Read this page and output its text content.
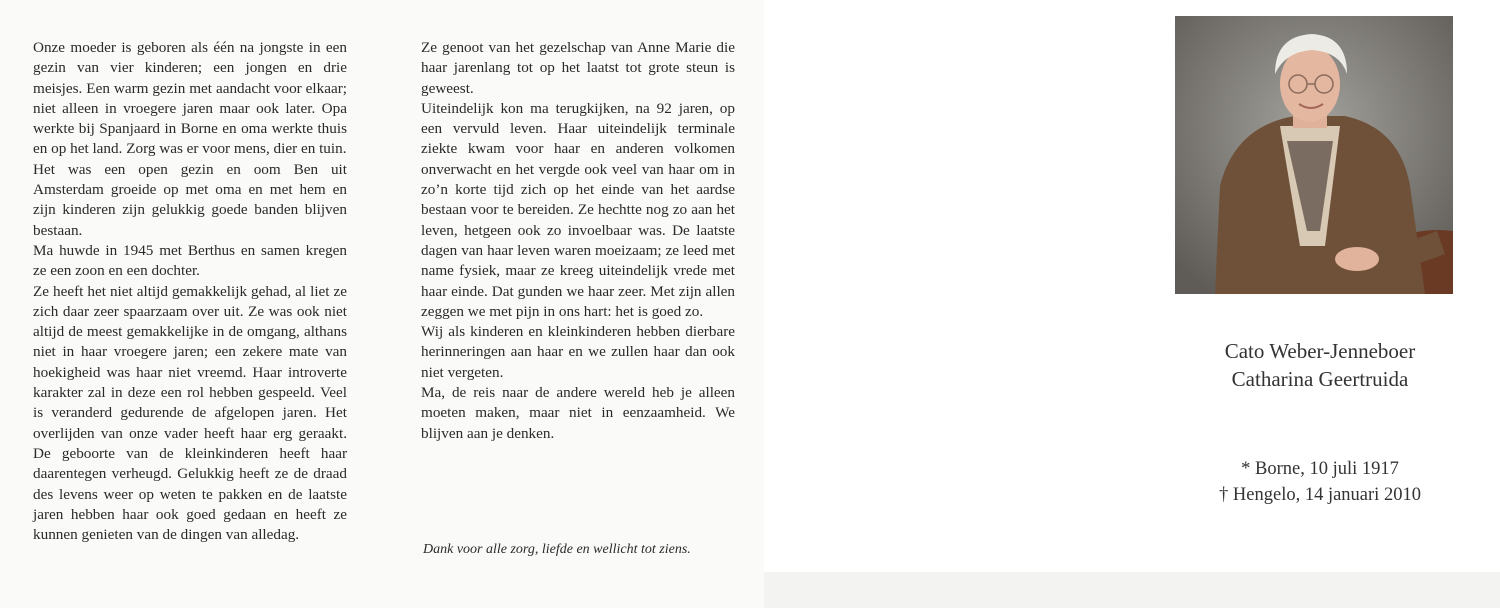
Onze moeder is geboren als één na jongste in een gezin van vier kinderen; een jongen en drie meisjes. Een warm gezin met aandacht voor elkaar; niet alleen in vroegere jaren maar ook later. Opa werkte bij Spanjaard in Borne en oma werkte thuis en op het land. Zorg was er voor mens, dier en tuin.

Het was een open gezin en oom Ben uit Amsterdam groeide op met oma en met hem en zijn kinderen zijn gelukkig goede banden blijven bestaan.

Ma huwde in 1945 met Berthus en samen kregen ze een zoon en een dochter.

Ze heeft het niet altijd gemakkelijk gehad, al liet ze zich daar zeer spaarzaam over uit. Ze was ook niet altijd de meest gemakkelijke in de omgang, althans niet in haar vroegere jaren; een zekere mate van hoekigheid was haar niet vreemd. Haar introverte karakter zal in deze een rol hebben gespeeld. Veel is veranderd gedurende de afgelopen jaren. Het overlijden van onze vader heeft haar erg geraakt. De geboorte van de kleinkinderen heeft haar daarentegen verheugd. Gelukkig heeft ze de draad des levens weer op weten te pakken en de laatste jaren hebben haar ook goed gedaan en heeft ze kunnen genieten van de dingen van alledag.

Ze genoot van het gezelschap van Anne Marie die haar jarenlang tot op het laatst tot grote steun is geweest.

Uiteindelijk kon ma terugkijken, na 92 jaren, op een vervuld leven. Haar uiteindelijk terminale ziekte kwam voor haar en anderen volkomen onverwacht en het vergde ook veel van haar om in zo’n korte tijd zich op het einde van het aardse bestaan voor te bereiden. Ze hechtte nog zo aan het leven, hetgeen ook zo invoelbaar was. De laatste dagen van haar leven waren moeizaam; ze leed met name fysiek, maar ze kreeg uiteindelijk vrede met haar einde. Dat gunden we haar zeer. Met zijn allen zeggen we met pijn in ons hart: het is goed zo.

Wij als kinderen en kleinkinderen hebben dierbare herinneringen aan haar en we zullen haar dan ook niet vergeten.

Ma, de reis naar de andere wereld heb je alleen moeten maken, maar niet in eenzaamheid. We blijven aan je denken.

Dank voor alle zorg, liefde en wellicht tot ziens.
Cato Weber-Jenneboer
Catharina Geertruida
* Borne, 10 juli 1917
† Hengelo, 14 januari 2010
